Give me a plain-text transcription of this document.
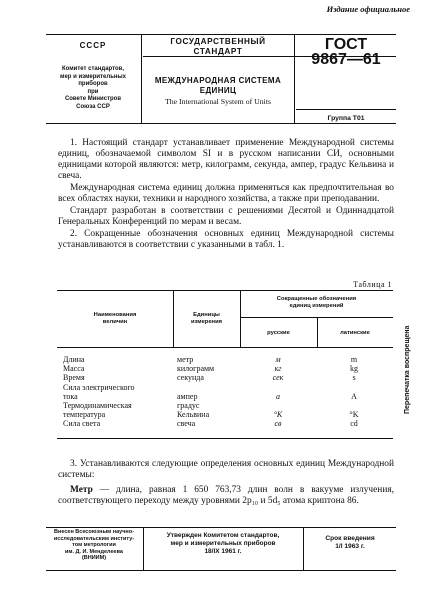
Издание официальное
СССР
Комитет стандартов,
мер и измерительных
приборов
при
Совете Министров
Союза ССР
ГОСУДАРСТВЕННЫЙ
СТАНДАРТ
МЕЖДУНАРОДНАЯ СИСТЕМА
ЕДИНИЦ
The International System of Units
ГОСТ
9867—61
Группа Т01

1. Настоящий стандарт устанавливает применение Международной системы единиц, обозначаемой символом SI и в русском написании СИ, основными единицами которой являются: метр, килограмм, секунда, ампер, градус Кельвина и свеча.

Международная система единиц должна применяться как предпочтительная во всех областях науки, техники и народного хозяйства, а также при преподавании.

Стандарт разработан в соответствии с решениями Десятой и Одиннадцатой Генеральных Конференций по мерам и весам.

2. Сокращенные обозначения основных единиц Международной системы устанавливаются в соответствии с указанными в табл. 1.

Таблица 1
Наименования
величин
Единицы
измерения
Сокращенные обозначения
единиц измерений
русские	латинские
Длина	метр	м	m
Масса	килограмм	кг	kg
Время	секунда	сек	s
Сила электрического
тока	ампер	а	A
Термодинамическая	градус
температура	Кельвина	°К	°K
Сила света	свеча	св	cd

3. Устанавливаются следующие определения основных единиц Международной системы:

Метр — длина, равная 1 650 763,73 длин волн в вакууме излучения, соответствующего переходу между уровнями 2p₁₀ и 5d₅ атома криптона 86.

Внесен Всесоюзным научно-
исследовательским институ-
том метрологии
им. Д. И. Менделеева
(ВНИИМ)
Утвержден Комитетом стандартов,
мер и измерительных приборов
18/IX 1961 г.
Срок введения
1/I 1963 г.
Перепечатка воспрещена
